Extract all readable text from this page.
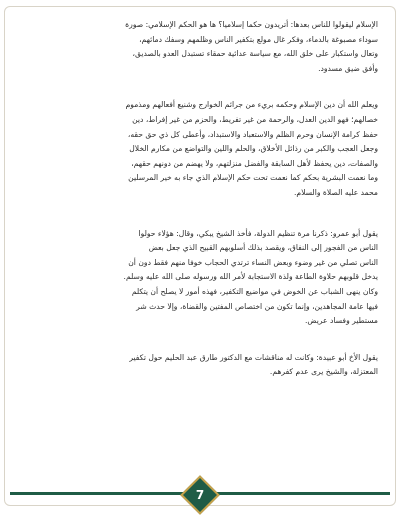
الإسلام ليقولوا للناس بعدها: أتريدون حكما إسلاميا؟ ها هو الحكم الإسلامي: صورة
سوداء مصبوغة بالدماء، وفكر غال مولع بتكفير الناس وظلمهم وسفك دمائهم،
وتعال واستكبار على خلق الله، مع سياسة عدائية حمقاء تستبدل العدو بالصديق،
وأفق ضيق مسدود.
ويعلم الله أن دين الإسلام وحكمه بريء من جرائم الخوارج وشنيع أفعالهم ومذموم
خصالهم؛ فهو الدين العدل، والرحمة من غير تفريط، والحزم من غير إفراط، دين
حفظ كرامة الإنسان وحرم الظلم والاستعباد والاستبداد، وأعطى كل ذي حق حقه،
وجعل العجب والكبر من رذائل الأخلاق، والحلم واللين والتواضع من مكارم الخلال
والصفات، دين يحفظ لأهل السابقة والفضل منزلتهم، ولا يهضم من دونهم حقهم،
وما نعمت البشرية بحكم كما نعمت تحت حكم الإسلام الذي جاء به خير المرسلين
محمد عليه الصلاة والسلام.
يقول أبو عمرو: ذكرنا مرة تنظيم الدولة، فأخذ الشيخ يبكي، وقال: هؤلاء حولوا
الناس من الفجور إلى النفاق، ويقصد بذلك أسلوبهم القبيح الذي جعل بعض
الناس تصلي من غير وضوء وبعض النساء ترتدي الحجاب خوفا منهم فقط دون أن
يدخل قلوبهم حلاوة الطاعة ولذة الاستجابة لأمر الله ورسوله صلى الله عليه وسلم.
وكان ينهى الشباب عن الخوض في مواضيع التكفير، فهذه أمور لا يصلح أن يتكلم
فيها عامة المجاهدين، وإنما تكون من اختصاص المفتين والقضاة، وإلا حدث شر
مستطير وفساد عريض.
يقول الأخ أبو عبيدة: وكانت له مناقشات مع الدكتور طارق عبد الحليم حول تكفير
المعتزلة، والشيخ يرى عدم كفرهم.
7
